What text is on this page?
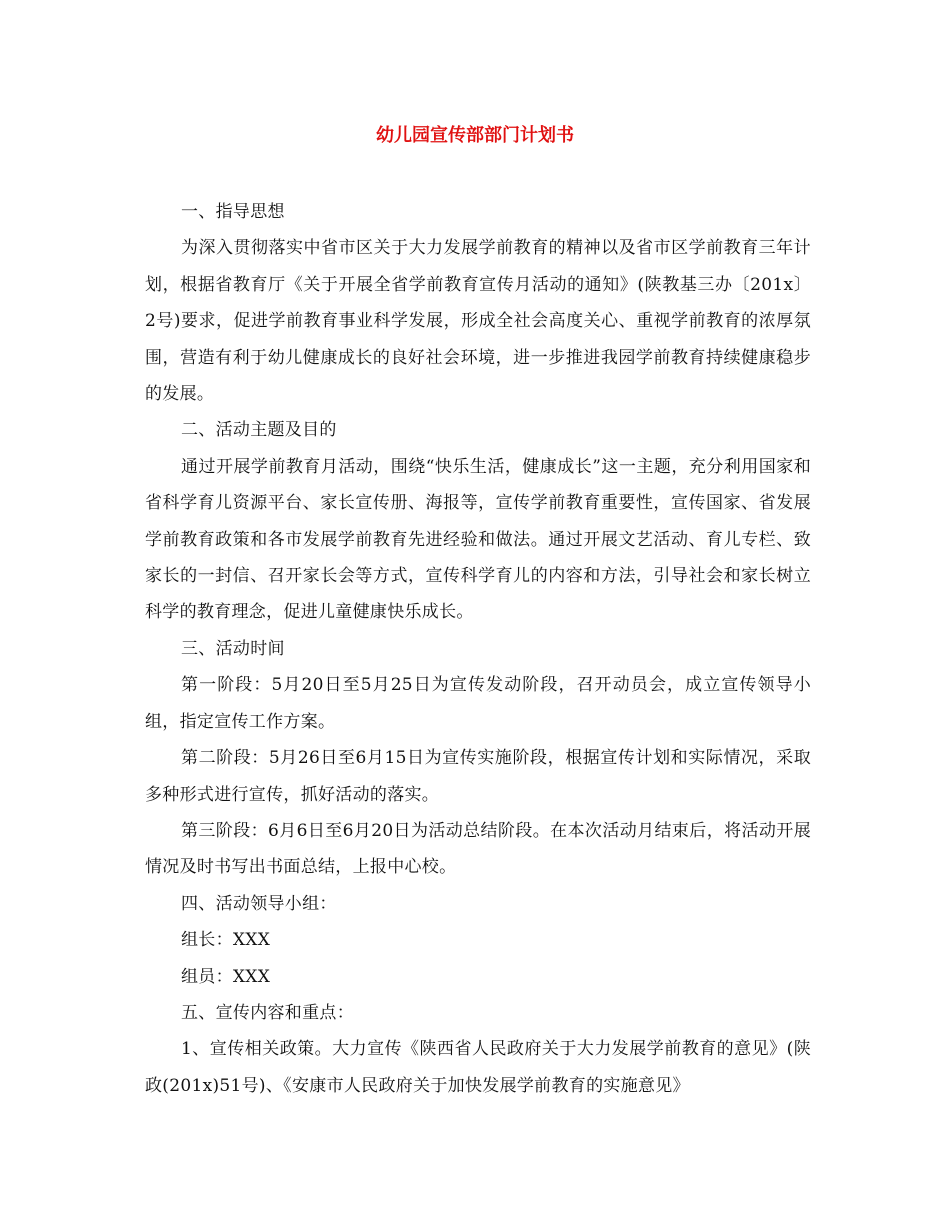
幼儿园宣传部部门计划书

一、指导思想

为深入贯彻落实中省市区关于大力发展学前教育的精神以及省市区学前教育三年计划，根据省教育厅《关于开展全省学前教育宣传月活动的通知》(陕教基三办〔201x〕2号)要求，促进学前教育事业科学发展，形成全社会高度关心、重视学前教育的浓厚氛围，营造有利于幼儿健康成长的良好社会环境，进一步推进我园学前教育持续健康稳步的发展。

二、活动主题及目的

通过开展学前教育月活动，围绕“快乐生活，健康成长”这一主题，充分利用国家和省科学育儿资源平台、家长宣传册、海报等，宣传学前教育重要性，宣传国家、省发展学前教育政策和各市发展学前教育先进经验和做法。通过开展文艺活动、育儿专栏、致家长的一封信、召开家长会等方式，宣传科学育儿的内容和方法，引导社会和家长树立科学的教育理念，促进儿童健康快乐成长。

三、活动时间

第一阶段：5月20日至5月25日为宣传发动阶段，召开动员会，成立宣传领导小组，指定宣传工作方案。

第二阶段：5月26日至6月15日为宣传实施阶段，根据宣传计划和实际情况，采取多种形式进行宣传，抓好活动的落实。

第三阶段：6月6日至6月20日为活动总结阶段。在本次活动月结束后，将活动开展情况及时书写出书面总结，上报中心校。

四、活动领导小组：

组长：XXX

组员：XXX

五、宣传内容和重点：

1、宣传相关政策。大力宣传《陕西省人民政府关于大力发展学前教育的意见》(陕政(201x)51号)、《安康市人民政府关于加快发展学前教育的实施意见》
